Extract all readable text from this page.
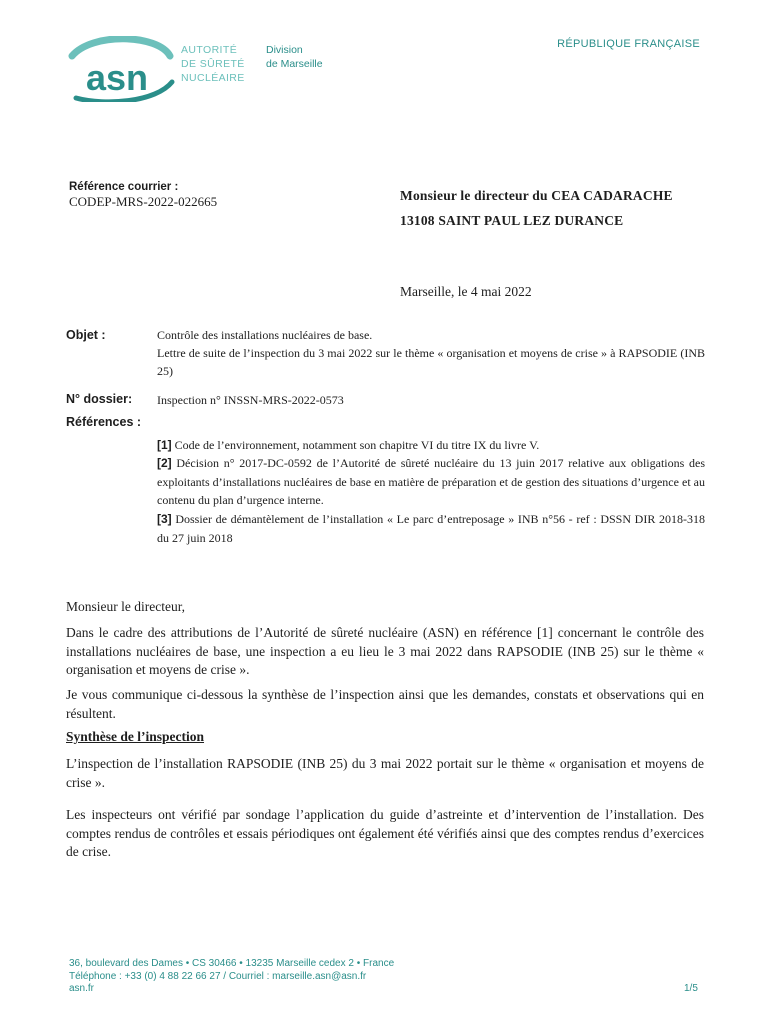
asn
AUTORITÉ
DE SÛRETÉ
NUCLÉAIRE
Division
de Marseille
RÉPUBLIQUE FRANÇAISE
Référence courrier :
CODEP-MRS-2022-022665	Monsieur le directeur du CEA CADARACHE
13108 SAINT PAUL LEZ DURANCE
Marseille, le 4 mai 2022
Objet :	Contrôle des installations nucléaires de base.
Lettre de suite de l’inspection du 3 mai 2022 sur le thème « organisation et moyens de crise » à RAPSODIE (INB 25)
N° dossier: Inspection n° INSSN-MRS-2022-0573
Références :
[1] Code de l’environnement, notamment son chapitre VI du titre IX du livre V.
[2] Décision n° 2017-DC-0592 de l’Autorité de sûreté nucléaire du 13 juin 2017 relative aux obligations des exploitants d’installations nucléaires de base en matière de préparation et de gestion des situations d’urgence et au contenu du plan d’urgence interne.
[3] Dossier de démantèlement de l’installation « Le parc d’entreposage » INB n°56 - ref : DSSN DIR 2018-318 du 27 juin 2018
Monsieur le directeur,
Dans le cadre des attributions de l’Autorité de sûreté nucléaire (ASN) en référence [1] concernant le contrôle des installations nucléaires de base, une inspection a eu lieu le 3 mai 2022 dans RAPSODIE (INB 25) sur le thème « organisation et moyens de crise ».
Je vous communique ci-dessous la synthèse de l’inspection ainsi que les demandes, constats et observations qui en résultent.
Synthèse de l’inspection
L’inspection de l’installation RAPSODIE (INB 25) du 3 mai 2022 portait sur le thème « organisation et moyens de crise ».
Les inspecteurs ont vérifié par sondage l’application du guide d’astreinte et d’intervention de l’installation. Des comptes rendus de contrôles et essais périodiques ont également été vérifiés ainsi que des comptes rendus d’exercices de crise.
36, boulevard des Dames • CS 30466 • 13235 Marseille cedex 2 • France
Téléphone : +33 (0) 4 88 22 66 27 / Courriel : marseille.asn@asn.fr
asn.fr	1/5
